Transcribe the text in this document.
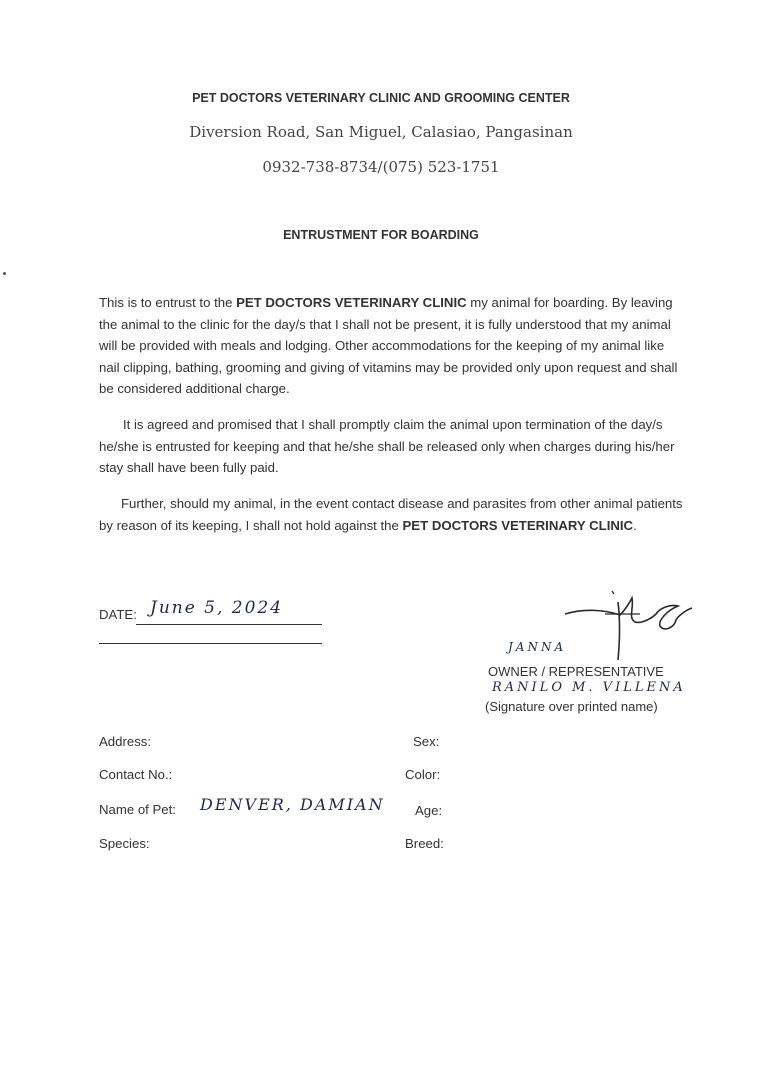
PET DOCTORS VETERINARY CLINIC AND GROOMING CENTER
Diversion Road, San Miguel, Calasiao, Pangasinan
0932-738-8734/(075) 523-1751
ENTRUSTMENT FOR BOARDING

This is to entrust to the PET DOCTORS VETERINARY CLINIC my animal for boarding. By leaving the animal to the clinic for the day/s that I shall not be present, it is fully understood that my animal will be provided with meals and lodging. Other accommodations for the keeping of my animal like nail clipping, bathing, grooming and giving of vitamins may be provided only upon request and shall be considered additional charge.

It is agreed and promised that I shall promptly claim the animal upon termination of the day/s he/she is entrusted for keeping and that he/she shall be released only when charges during his/her stay shall have been fully paid.

Further, should my animal, in the event contact disease and parasites from other animal patients by reason of its keeping, I shall not hold against the PET DOCTORS VETERINARY CLINIC.

DATE: June 5, 2024
JANNA
OWNER / REPRESENTATIVE
RANILO M. VILLENA
(Signature over printed name)
Address:	Sex:
Contact No.:	Color:
Name of Pet: DENVER, DAMIAN Age:
Species:	Breed:
